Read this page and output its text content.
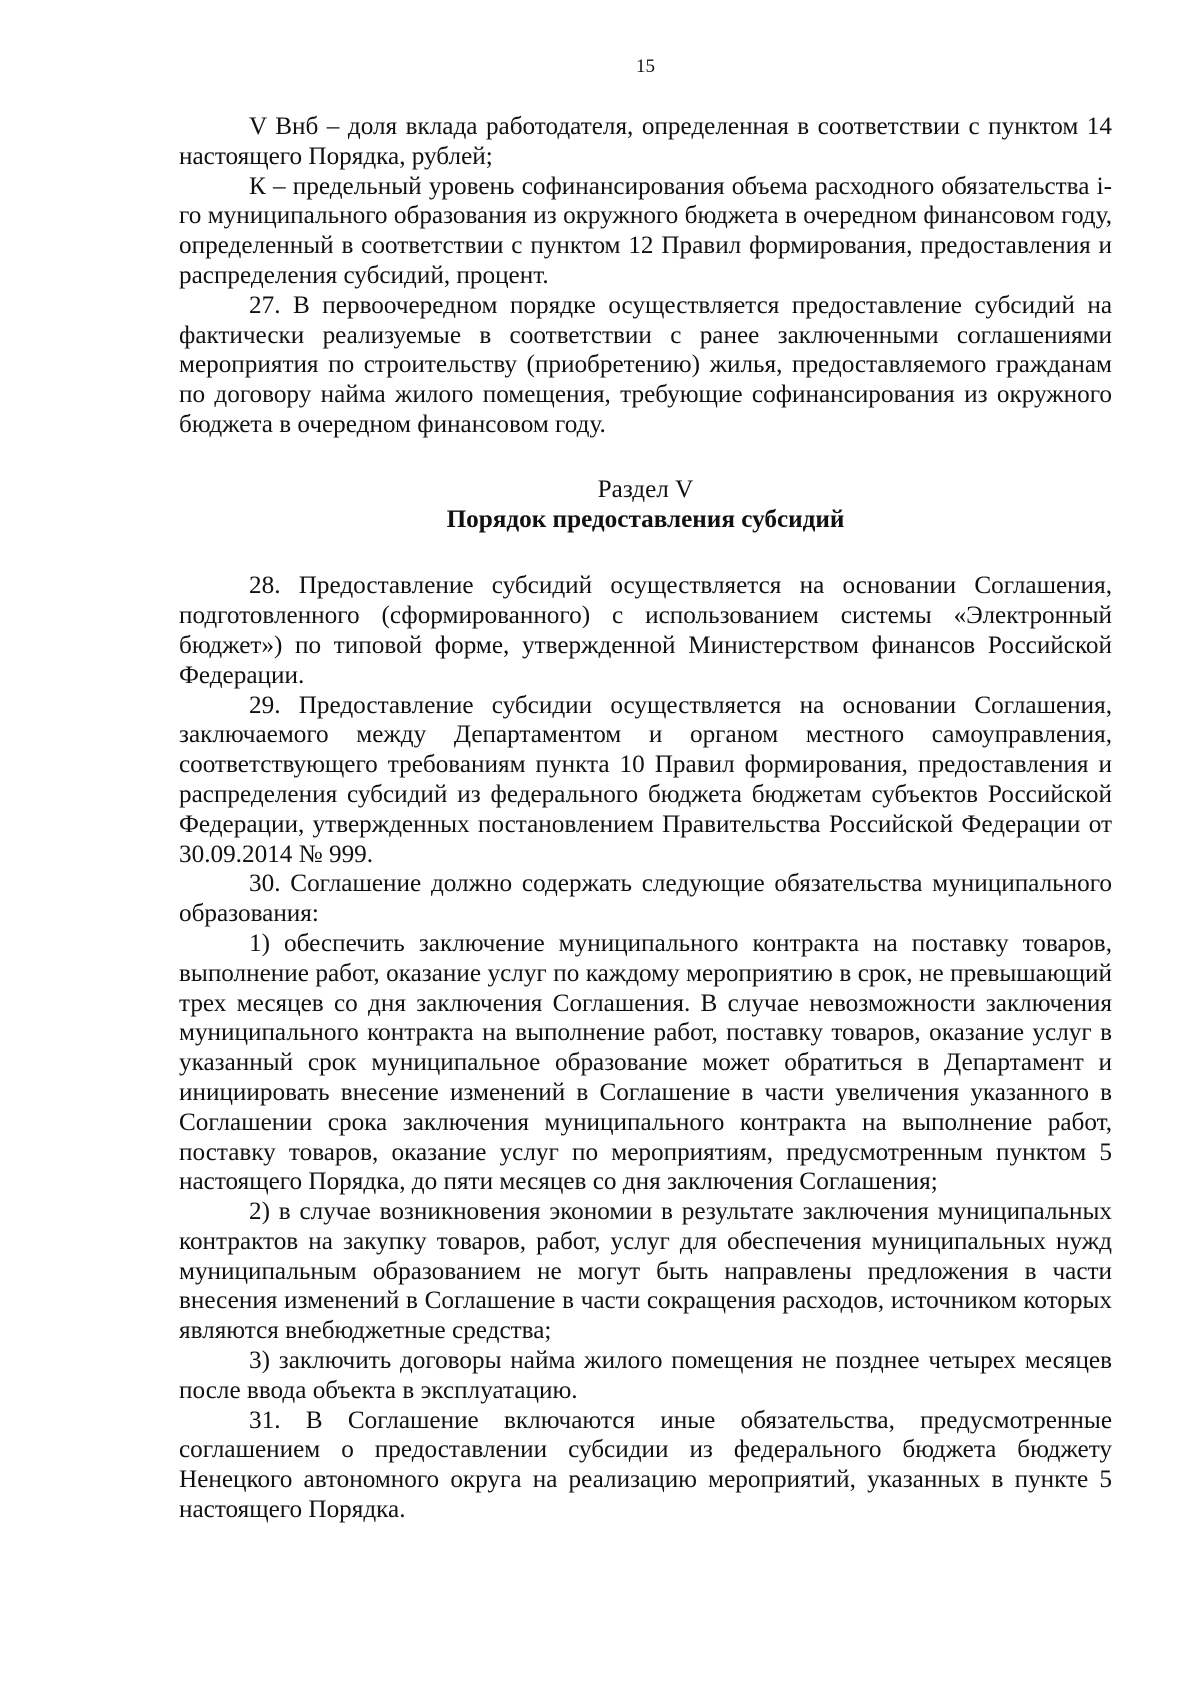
15

V Внб – доля вклада работодателя, определенная в соответствии с пунктом 14 настоящего Порядка, рублей;

К – предельный уровень софинансирования объема расходного обязательства i-го муниципального образования из окружного бюджета в очередном финансовом году, определенный в соответствии с пунктом 12 Правил формирования, предоставления и распределения субсидий, процент.

27. В первоочередном порядке осуществляется предоставление субсидий на фактически реализуемые в соответствии с ранее заключенными соглашениями мероприятия по строительству (приобретению) жилья, предоставляемого гражданам по договору найма жилого помещения, требующие софинансирования из окружного бюджета в очередном финансовом году.

Раздел V

Порядок предоставления субсидий

28. Предоставление субсидий осуществляется на основании Соглашения, подготовленного (сформированного) с использованием системы «Электронный бюджет») по типовой форме, утвержденной Министерством финансов Российской Федерации.

29. Предоставление субсидии осуществляется на основании Соглашения, заключаемого между Департаментом и органом местного самоуправления, соответствующего требованиям пункта 10 Правил формирования, предоставления и распределения субсидий из федерального бюджета бюджетам субъектов Российской Федерации, утвержденных постановлением Правительства Российской Федерации от 30.09.2014 № 999.

30. Соглашение должно содержать следующие обязательства муниципального образования:

1) обеспечить заключение муниципального контракта на поставку товаров, выполнение работ, оказание услуг по каждому мероприятию в срок, не превышающий трех месяцев со дня заключения Соглашения. В случае невозможности заключения муниципального контракта на выполнение работ, поставку товаров, оказание услуг в указанный срок муниципальное образование может обратиться в Департамент и инициировать внесение изменений в Соглашение в части увеличения указанного в Соглашении срока заключения муниципального контракта на выполнение работ, поставку товаров, оказание услуг по мероприятиям, предусмотренным пунктом 5 настоящего Порядка, до пяти месяцев со дня заключения Соглашения;

2) в случае возникновения экономии в результате заключения муниципальных контрактов на закупку товаров, работ, услуг для обеспечения муниципальных нужд муниципальным образованием не могут быть направлены предложения в части внесения изменений в Соглашение в части сокращения расходов, источником которых являются внебюджетные средства;

3) заключить договоры найма жилого помещения не позднее четырех месяцев после ввода объекта в эксплуатацию.

31. В Соглашение включаются иные обязательства, предусмотренные соглашением о предоставлении субсидии из федерального бюджета бюджету Ненецкого автономного округа на реализацию мероприятий, указанных в пункте 5 настоящего Порядка.
